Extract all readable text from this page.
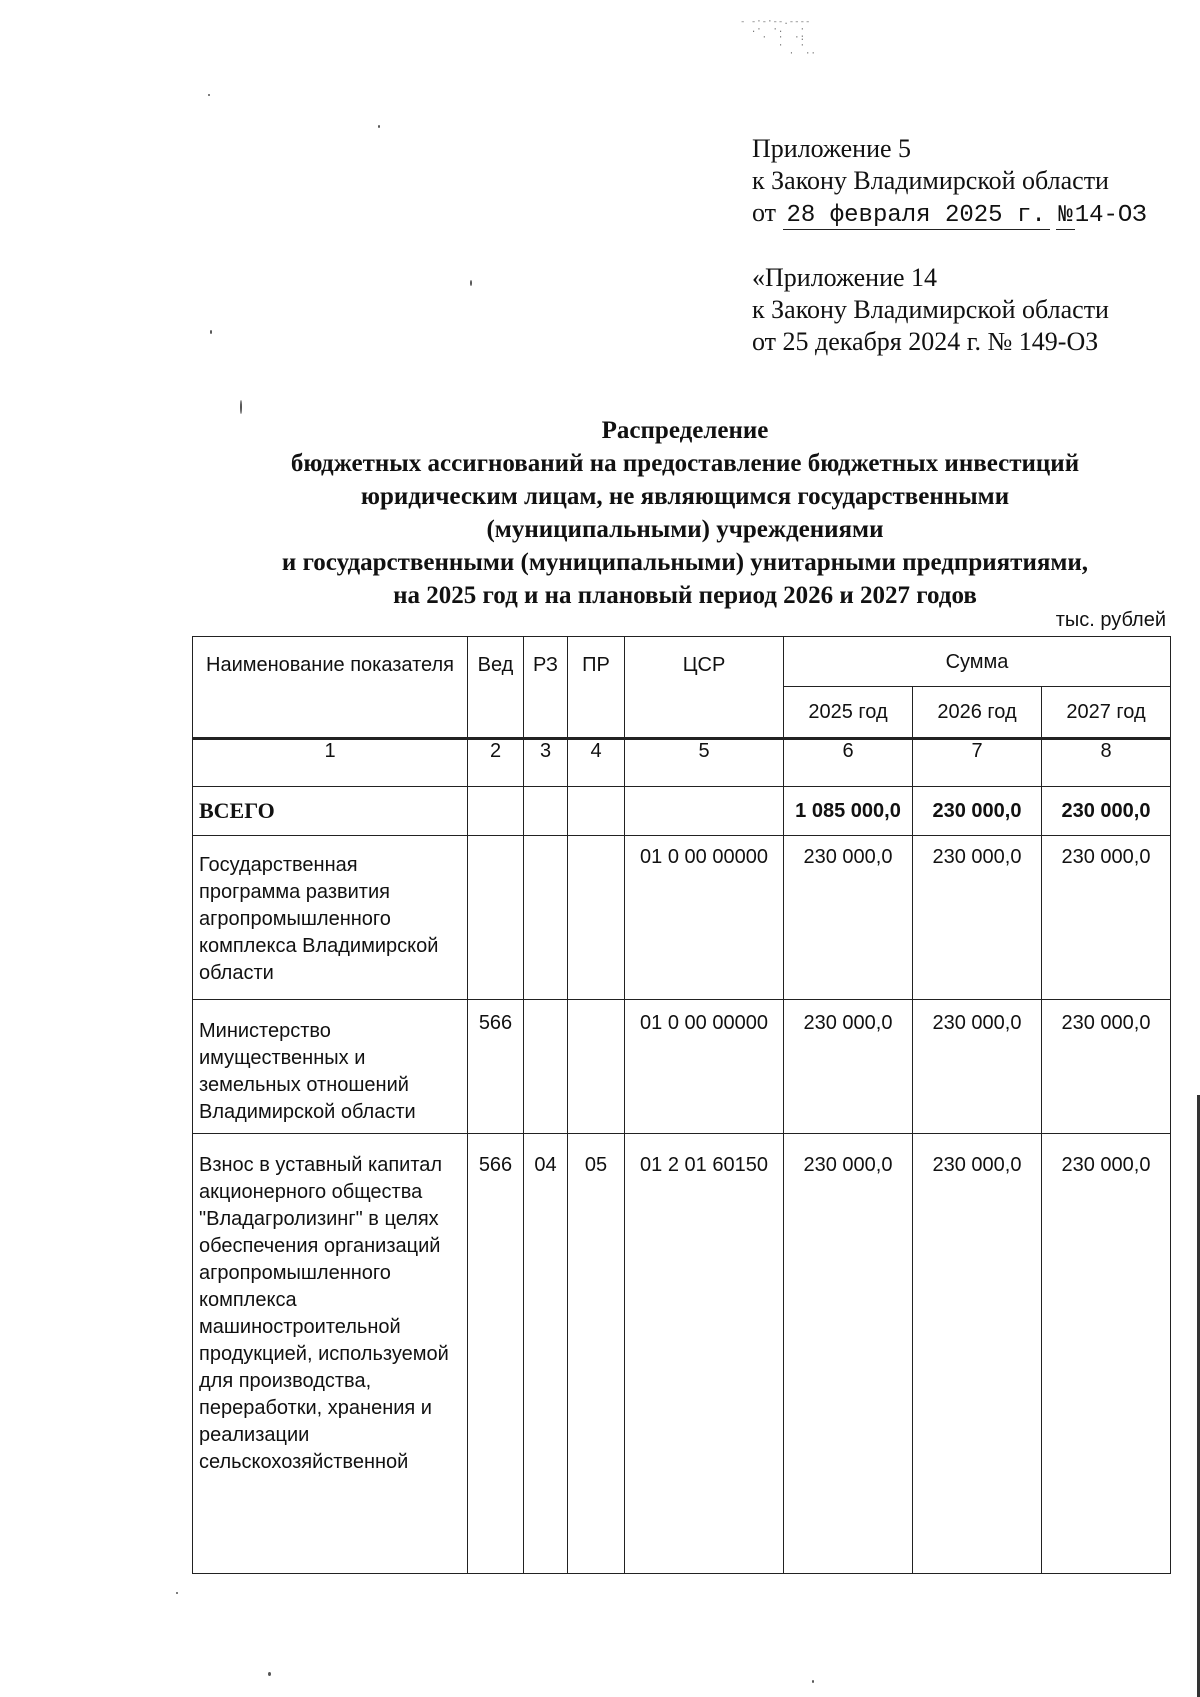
- -·-·--.----
.·  ·.   ·
·  ·  ·:
·   ·
·  ··
Приложение 5
к Закону Владимирской области
от 28 февраля 2025 г. №14-ОЗ
«Приложение 14
к Закону Владимирской области
от 25 декабря 2024 г. № 149-ОЗ
Распределение
бюджетных ассигнований на предоставление бюджетных инвестиций
юридическим лицам, не являющимся государственными
(муниципальными) учреждениями
и государственными (муниципальными) унитарными предприятиями,
на 2025 год и на плановый период 2026 и 2027 годов
тыс. рублей
Наименование показателя	Вед	РЗ	ПР	ЦСР	Сумма		
					2025 год	2026 год	2027 год
1	2	3	4	5	6	7	8
ВСЕГО					1 085 000,0	230 000,0	230 000,0
Государственная программа развития агропромышленного комплекса Владимирской области				01 0 00 00000	230 000,0	230 000,0	230 000,0
Министерство имущественных и земельных отношений Владимирской области	566			01 0 00 00000	230 000,0	230 000,0	230 000,0
Взнос в уставный капитал акционерного общества "Владагролизинг" в целях обеспечения организаций агропромышленного комплекса машиностроительной продукцией, используемой для производства, переработки, хранения и реализации сельскохозяйственной	566	04	05	01 2 01 60150	230 000,0	230 000,0	230 000,0
